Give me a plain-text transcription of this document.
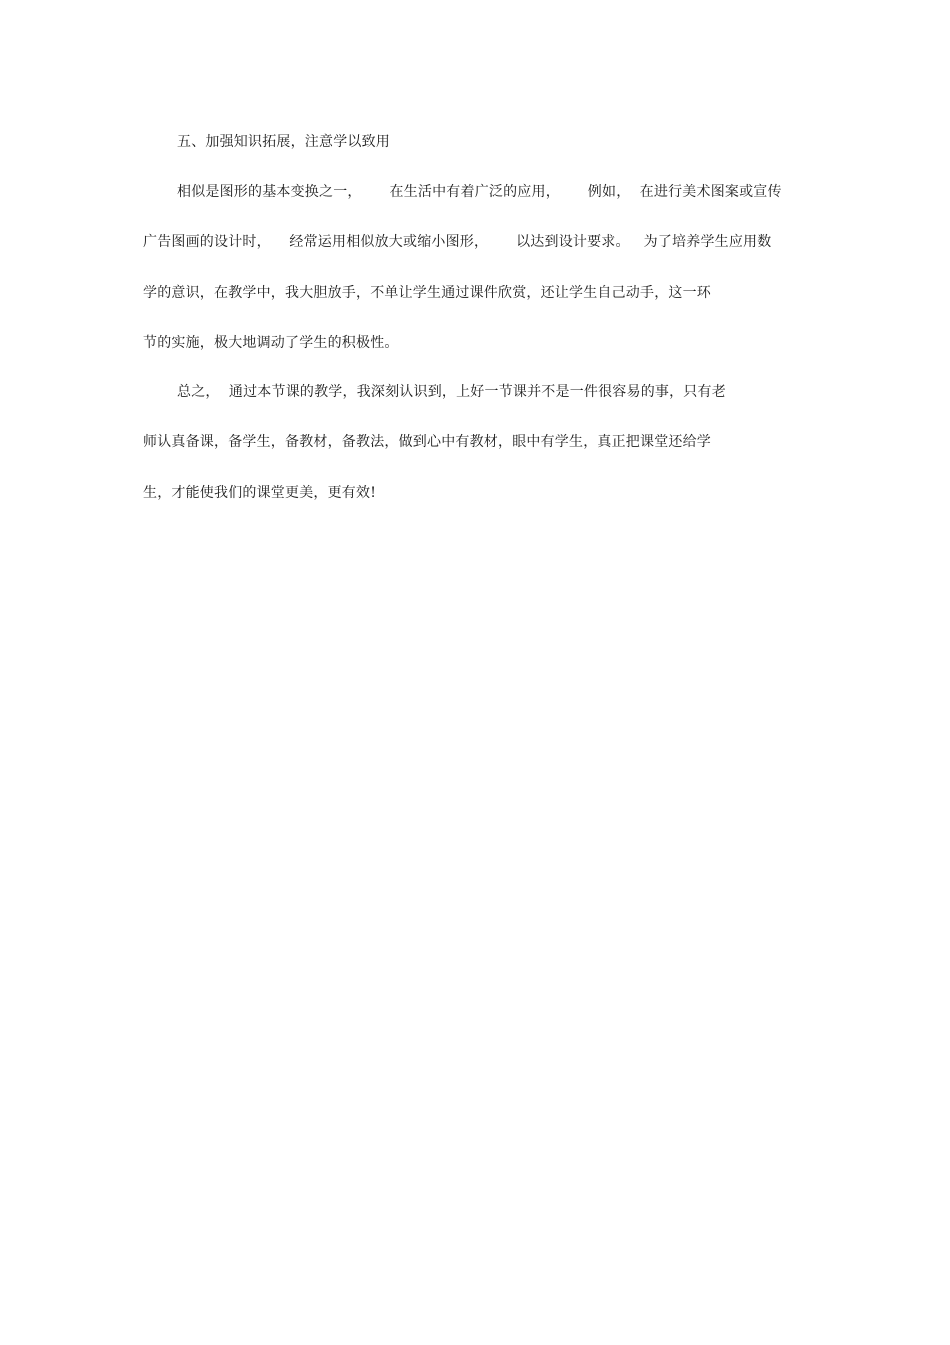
五、加强知识拓展，注意学以致用
相似是图形的基本变换之一，      在生活中有着广泛的应用，      例如，  在进行美术图案或宣传
广告图画的设计时，    经常运用相似放大或缩小图形，      以达到设计要求。   为了培养学生应用数
学的意识，在教学中，我大胆放手，不单让学生通过课件欣赏，还让学生自己动手，这一环
节的实施，极大地调动了学生的积极性。
总之，  通过本节课的教学，我深刻认识到，上好一节课并不是一件很容易的事，只有老
师认真备课，备学生，备教材，备教法，做到心中有教材，眼中有学生，真正把课堂还给学
生，才能使我们的课堂更美，更有效!
